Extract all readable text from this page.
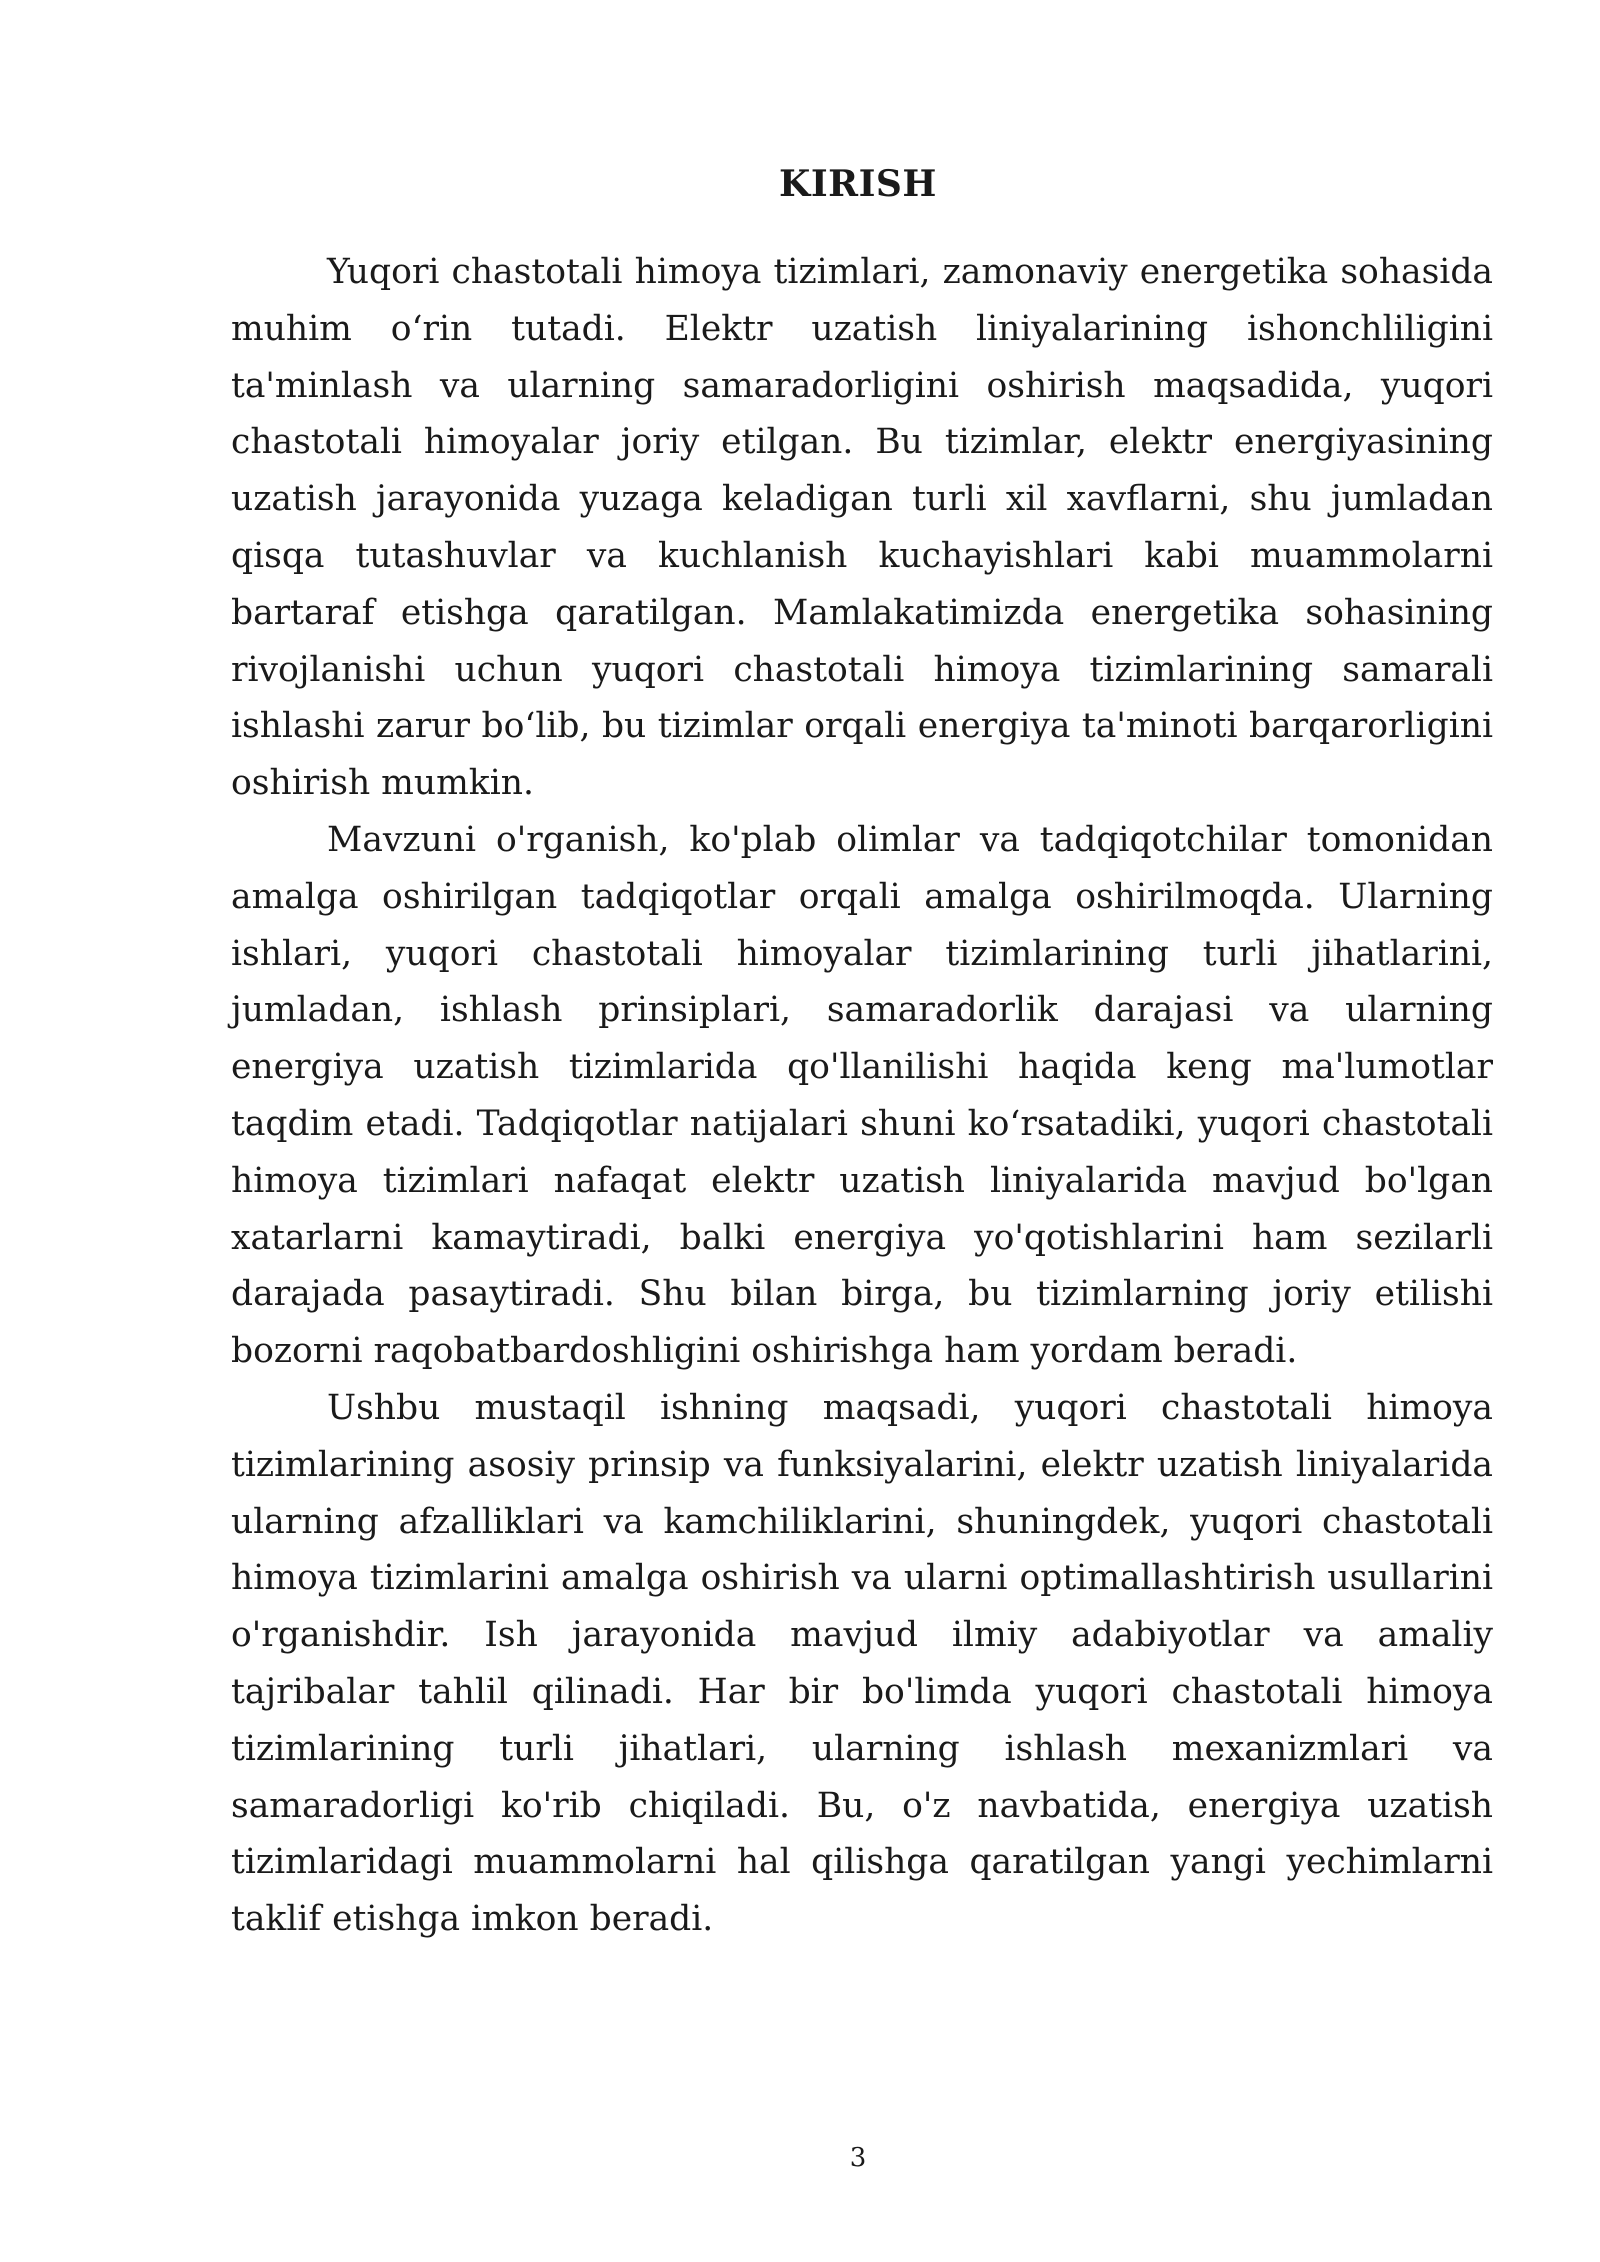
KIRISH

Yuqori chastotali himoya tizimlari, zamonaviy energetika sohasida muhim o‘rin tutadi. Elektr uzatish liniyalarining ishonchliligini ta'minlash va ularning samaradorligini oshirish maqsadida, yuqori chastotali himoyalar joriy etilgan. Bu tizimlar, elektr energiyasining uzatish jarayonida yuzaga keladigan turli xil xavflarni, shu jumladan qisqa tutashuvlar va kuchlanish kuchayishlari kabi muammolarni bartaraf etishga qaratilgan. Mamlakatimizda energetika sohasining rivojlanishi uchun yuqori chastotali himoya tizimlarining samarali ishlashi zarur bo‘lib, bu tizimlar orqali energiya ta'minoti barqarorligini oshirish mumkin.

Mavzuni o'rganish, ko'plab olimlar va tadqiqotchilar tomonidan amalga oshirilgan tadqiqotlar orqali amalga oshirilmoqda. Ularning ishlari, yuqori chastotali himoyalar tizimlarining turli jihatlarini, jumladan, ishlash prinsiplari, samaradorlik darajasi va ularning energiya uzatish tizimlarida qo'llanilishi haqida keng ma'lumotlar taqdim etadi. Tadqiqotlar natijalari shuni ko‘rsatadiki, yuqori chastotali himoya tizimlari nafaqat elektr uzatish liniyalarida mavjud bo'lgan xatarlarni kamaytiradi, balki energiya yo'qotishlarini ham sezilarli darajada pasaytiradi. Shu bilan birga, bu tizimlarning joriy etilishi bozorni raqobatbardoshligini oshirishga ham yordam beradi.

Ushbu mustaqil ishning maqsadi, yuqori chastotali himoya tizimlarining asosiy prinsip va funksiyalarini, elektr uzatish liniyalarida ularning afzalliklari va kamchiliklarini, shuningdek, yuqori chastotali himoya tizimlarini amalga oshirish va ularni optimallashtirish usullarini o'rganishdir. Ish jarayonida mavjud ilmiy adabiyotlar va amaliy tajribalar tahlil qilinadi. Har bir bo'limda yuqori chastotali himoya tizimlarining turli jihatlari, ularning ishlash mexanizmlari va samaradorligi ko'rib chiqiladi. Bu, o'z navbatida, energiya uzatish tizimlaridagi muammolarni hal qilishga qaratilgan yangi yechimlarni taklif etishga imkon beradi.

3
